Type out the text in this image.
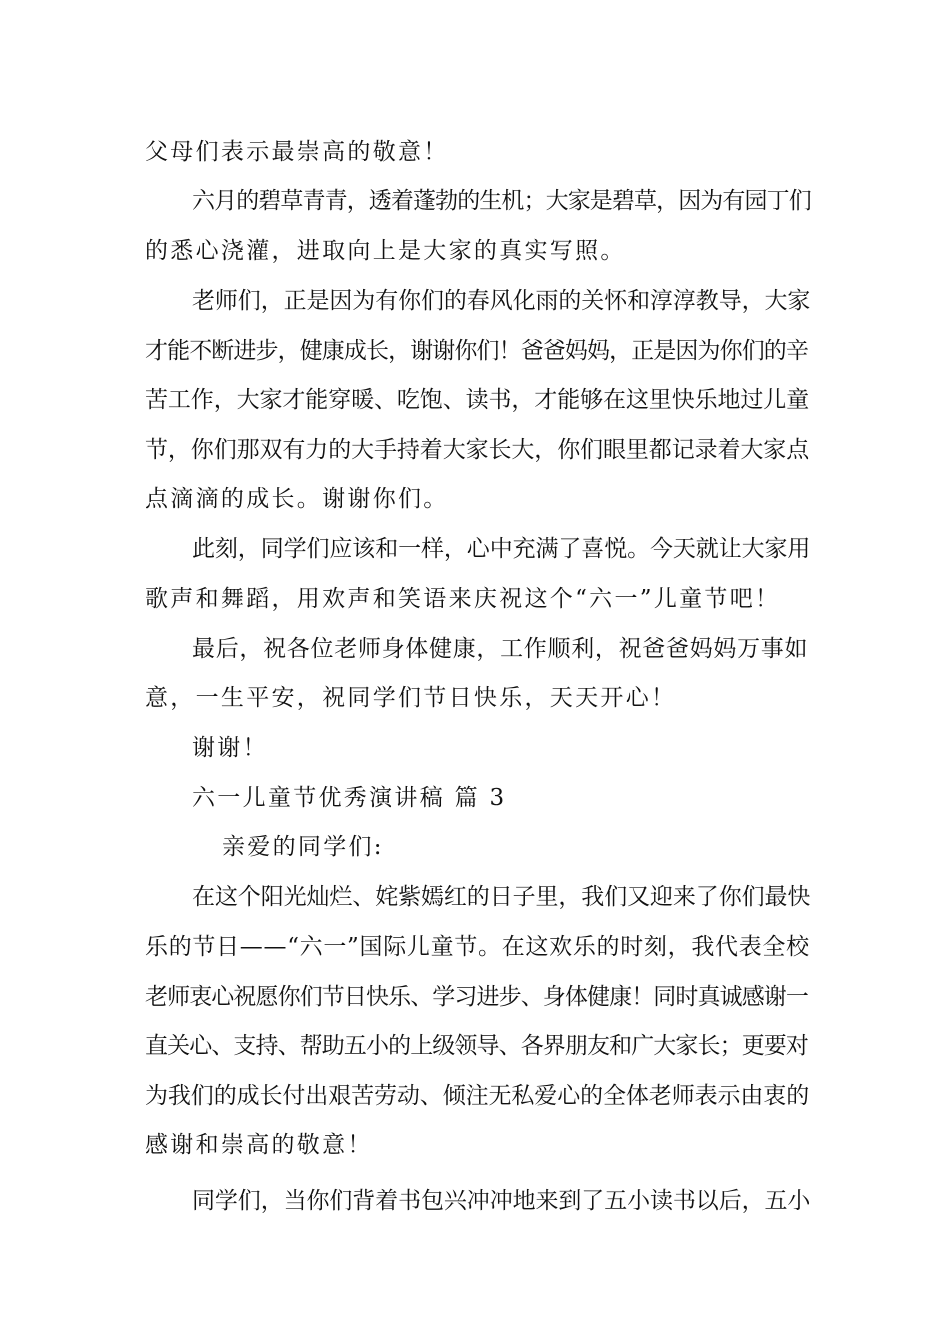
父母们表示最崇高的敬意！
六月的碧草青青，透着蓬勃的生机；大家是碧草，因为有园丁们
的悉心浇灌，进取向上是大家的真实写照。
老师们，正是因为有你们的春风化雨的关怀和淳淳教导，大家
才能不断进步，健康成长，谢谢你们！爸爸妈妈，正是因为你们的辛
苦工作，大家才能穿暖、吃饱、读书，才能够在这里快乐地过儿童
节，你们那双有力的大手持着大家长大，你们眼里都记录着大家点
点滴滴的成长。谢谢你们。
此刻，同学们应该和一样，心中充满了喜悦。今天就让大家用
歌声和舞蹈，用欢声和笑语来庆祝这个“六一”儿童节吧！
最后，祝各位老师身体健康，工作顺利，祝爸爸妈妈万事如
意，一生平安，祝同学们节日快乐，天天开心！
谢谢！
六一儿童节优秀演讲稿 篇 3
亲爱的同学们:
在这个阳光灿烂、姹紫嫣红的日子里，我们又迎来了你们最快
乐的节日——“六一”国际儿童节。在这欢乐的时刻，我代表全校
老师衷心祝愿你们节日快乐、学习进步、身体健康！同时真诚感谢一
直关心、支持、帮助五小的上级领导、各界朋友和广大家长；更要对
为我们的成长付出艰苦劳动、倾注无私爱心的全体老师表示由衷的
感谢和崇高的敬意！
同学们，当你们背着书包兴冲冲地来到了五小读书以后，五小
